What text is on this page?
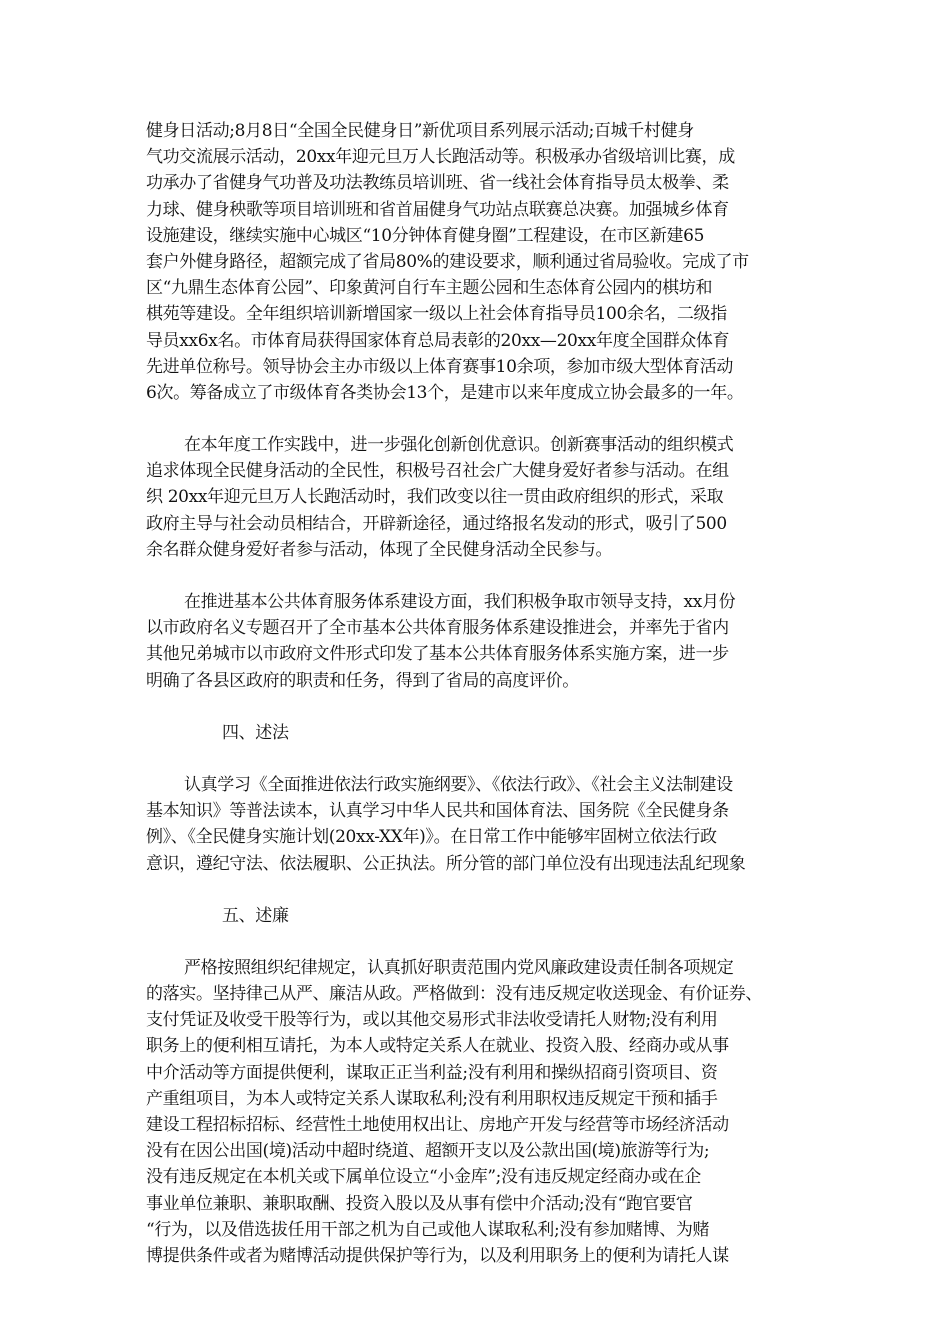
健身日活动;8月8日“全国全民健身日”新优项目系列展示活动;百城千村健身
气功交流展示活动，20xx年迎元旦万人长跑活动等。积极承办省级培训比赛，成
功承办了省健身气功普及功法教练员培训班、省一线社会体育指导员太极拳、柔
力球、健身秧歌等项目培训班和省首届健身气功站点联赛总决赛。加强城乡体育
设施建设，继续实施中心城区“10分钟体育健身圈”工程建设，在市区新建65
套户外健身路径，超额完成了省局80%的建设要求，顺利通过省局验收。完成了市
区“九鼎生态体育公园”、印象黄河自行车主题公园和生态体育公园内的棋坊和
棋苑等建设。全年组织培训新增国家一级以上社会体育指导员100余名，二级指
导员xx6x名。市体育局获得国家体育总局表彰的20xx—20xx年度全国群众体育
先进单位称号。领导协会主办市级以上体育赛事10余项，参加市级大型体育活动
6次。筹备成立了市级体育各类协会13个，是建市以来年度成立协会最多的一年。
在本年度工作实践中，进一步强化创新创优意识。创新赛事活动的组织模式
追求体现全民健身活动的全民性，积极号召社会广大健身爱好者参与活动。在组
织 20xx年迎元旦万人长跑活动时，我们改变以往一贯由政府组织的形式，采取
政府主导与社会动员相结合，开辟新途径，通过络报名发动的形式，吸引了500
余名群众健身爱好者参与活动，体现了全民健身活动全民参与。
在推进基本公共体育服务体系建设方面，我们积极争取市领导支持，xx月份
以市政府名义专题召开了全市基本公共体育服务体系建设推进会，并率先于省内
其他兄弟城市以市政府文件形式印发了基本公共体育服务体系实施方案，进一步
明确了各县区政府的职责和任务，得到了省局的高度评价。
四、述法
认真学习《全面推进依法行政实施纲要》、《依法行政》、《社会主义法制建设
基本知识》等普法读本，认真学习中华人民共和国体育法、国务院《全民健身条
例》、《全民健身实施计划(20xx-XX年)》。在日常工作中能够牢固树立依法行政
意识，遵纪守法、依法履职、公正执法。所分管的部门单位没有出现违法乱纪现象
五、述廉
严格按照组织纪律规定，认真抓好职责范围内党风廉政建设责任制各项规定
的落实。坚持律己从严、廉洁从政。严格做到：没有违反规定收送现金、有价证券、
支付凭证及收受干股等行为，或以其他交易形式非法收受请托人财物;没有利用
职务上的便利相互请托，为本人或特定关系人在就业、投资入股、经商办或从事
中介活动等方面提供便利，谋取正正当利益;没有利用和操纵招商引资项目、资
产重组项目，为本人或特定关系人谋取私利;没有利用职权违反规定干预和插手
建设工程招标招标、经营性土地使用权出让、房地产开发与经营等市场经济活动
没有在因公出国(境)活动中超时绕道、超额开支以及公款出国(境)旅游等行为;
没有违反规定在本机关或下属单位设立“小金库”;没有违反规定经商办或在企
事业单位兼职、兼职取酬、投资入股以及从事有偿中介活动;没有“跑官要官
“行为，以及借选拔任用干部之机为自己或他人谋取私利;没有参加赌博、为赌
博提供条件或者为赌博活动提供保护等行为，以及利用职务上的便利为请托人谋
